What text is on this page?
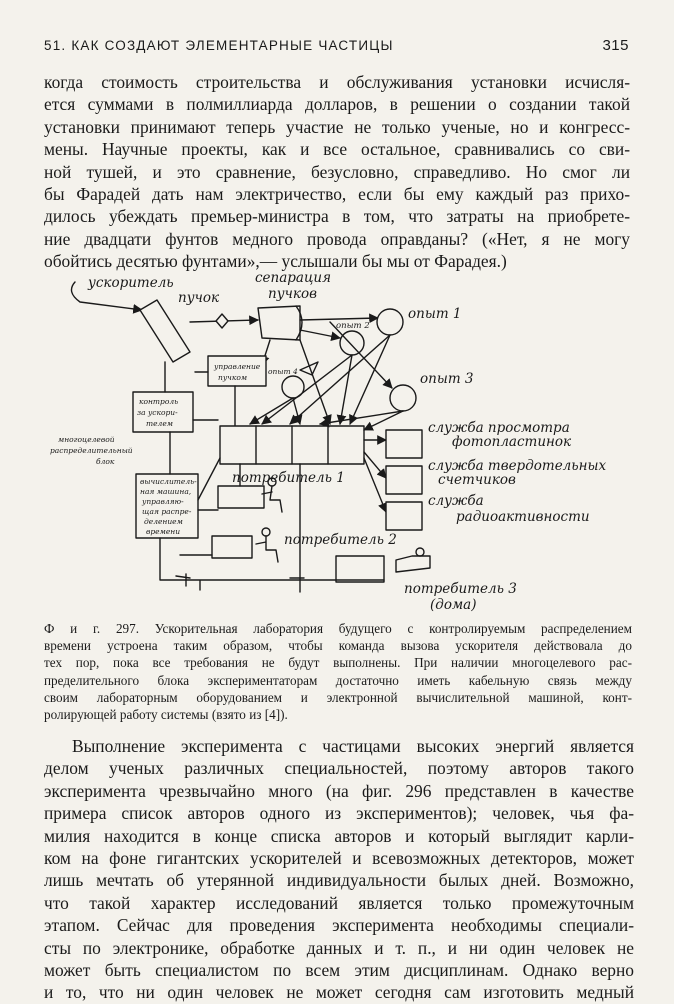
51. КАК СОЗДАЮТ ЭЛЕМЕНТАРНЫЕ ЧАСТИЦЫ	315
когда стоимость строительства и обслуживания установки исчисля-
ется суммами в полмиллиарда долларов, в решении о создании такой
установки принимают теперь участие не только ученые, но и конгресс-
мены. Научные проекты, как и все остальное, сравнивались со сви-
ной тушей, и это сравнение, безусловно, справедливо. Но смог ли
бы Фарадей дать нам электричество, если бы ему каждый раз прихо-
дилось убеждать премьер-министра в том, что затраты на приобрете-
ние двадцати фунтов медного провода оправданы? («Нет, я не могу
обойтись десятью фунтами»,— услышали бы мы от Фарадея.)
ускоритель
пучок
сепарация
пучков
опыт 1
опыт 2
опыт 3
опыт 4
управление
пучком
контроль
за ускори-
телем
многоцелевой
распределительный
блок
вычислитель-
ная машина,
управляю-
щая распре-
делением
времени
потребитель 1
потребитель 2
потребитель 3
(дома)
служба просмотра
фотопластинок
служба твердотельных
счетчиков
служба
радиоактивности
Ф и г. 297. Ускорительная лаборатория будущего с контролируемым распределением
времени устроена таким образом, чтобы команда вызова ускорителя действовала до
тех пор, пока все требования не будут выполнены. При наличии многоцелевого рас-
пределительного блока экспериментаторам достаточно иметь кабельную связь между
своим лабораторным оборудованием и электронной вычислительной машиной, конт-
ролирующей работу системы (взято из [4]).
Выполнение эксперимента с частицами высоких энергий является
делом ученых различных специальностей, поэтому авторов такого
эксперимента чрезвычайно много (на фиг. 296 представлен в качестве
примера список авторов одного из экспериментов); человек, чья фа-
милия находится в конце списка авторов и который выглядит карли-
ком на фоне гигантских ускорителей и всевозможных детекторов, может
лишь мечтать об утерянной индивидуальности былых дней. Возможно,
что такой характер исследований является только промежуточным
этапом. Сейчас для проведения эксперимента необходимы специали-
сты по электронике, обработке данных и т. п., и ни один человек не
может быть специалистом по всем этим дисциплинам. Однако верно
и то, что ни один человек не может сегодня сам изготовить медный
